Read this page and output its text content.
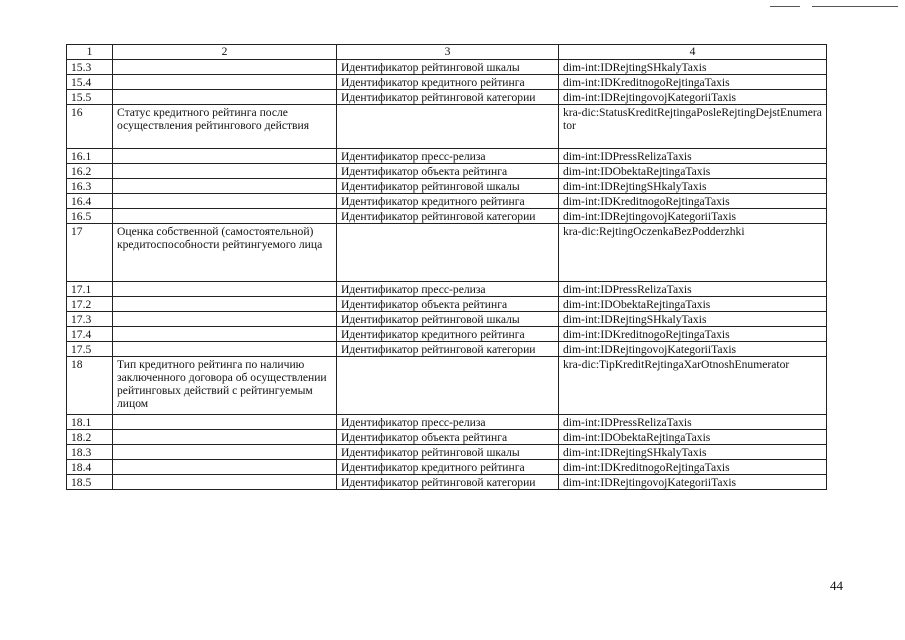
1	2	3	4
15.3		Идентификатор рейтинговой шкалы	dim-int:IDRejtingSHkalyTaxis
15.4		Идентификатор кредитного рейтинга	dim-int:IDKreditnogoRejtingaTaxis
15.5		Идентификатор рейтинговой категории	dim-int:IDRejtingovojKategoriiTaxis
16	Статус кредитного рейтинга после осуществления рейтингового действия		kra-dic:StatusKreditRejtingaPosleRejtingDejstEnumerator
16.1		Идентификатор пресс-релиза	dim-int:IDPressRelizaTaxis
16.2		Идентификатор объекта рейтинга	dim-int:IDObektaRejtingaTaxis
16.3		Идентификатор рейтинговой шкалы	dim-int:IDRejtingSHkalyTaxis
16.4		Идентификатор кредитного рейтинга	dim-int:IDKreditnogoRejtingaTaxis
16.5		Идентификатор рейтинговой категории	dim-int:IDRejtingovojKategoriiTaxis
17	Оценка собственной (самостоятельной) кредитоспособности рейтингуемого лица		kra-dic:RejtingOczenkaBezPodderzhki
17.1		Идентификатор пресс-релиза	dim-int:IDPressRelizaTaxis
17.2		Идентификатор объекта рейтинга	dim-int:IDObektaRejtingaTaxis
17.3		Идентификатор рейтинговой шкалы	dim-int:IDRejtingSHkalyTaxis
17.4		Идентификатор кредитного рейтинга	dim-int:IDKreditnogoRejtingaTaxis
17.5		Идентификатор рейтинговой категории	dim-int:IDRejtingovojKategoriiTaxis
18	Тип кредитного рейтинга по наличию заключенного договора об осуществлении рейтинговых действий с рейтингуемым лицом		kra-dic:TipKreditRejtingaXarOtnoshEnumerator
18.1		Идентификатор пресс-релиза	dim-int:IDPressRelizaTaxis
18.2		Идентификатор объекта рейтинга	dim-int:IDObektaRejtingaTaxis
18.3		Идентификатор рейтинговой шкалы	dim-int:IDRejtingSHkalyTaxis
18.4		Идентификатор кредитного рейтинга	dim-int:IDKreditnogoRejtingaTaxis
18.5		Идентификатор рейтинговой категории	dim-int:IDRejtingovojKategoriiTaxis
44
